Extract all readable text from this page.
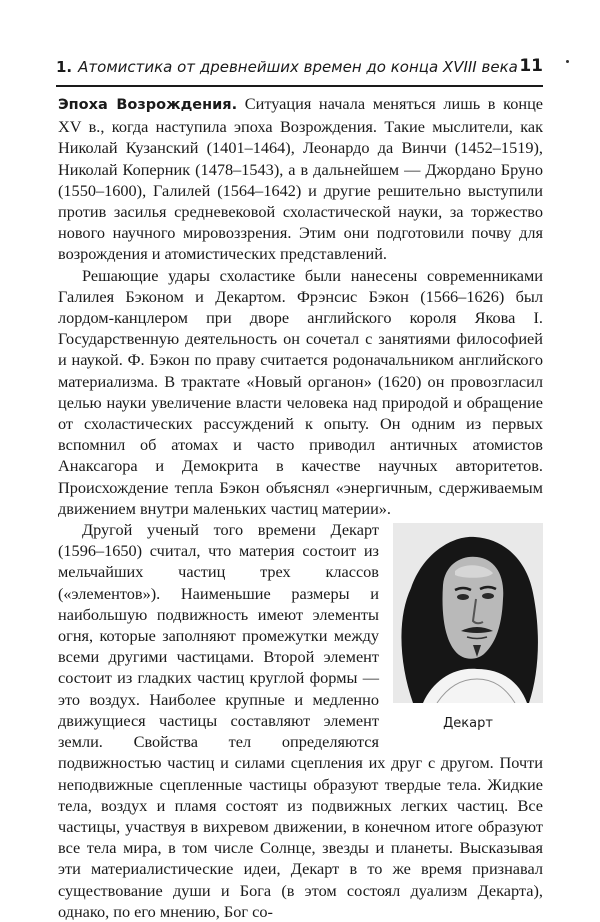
1. Атомистика от древнейших времен до конца XVIII века 11

Эпоха Возрождения. Ситуация начала меняться лишь в конце XV в., когда наступила эпоха Возрождения. Такие мыслители, как Николай Кузанский (1401–1464), Леонардо да Винчи (1452–1519), Николай Коперник (1478–1543), а в дальнейшем — Джордано Бруно (1550–1600), Галилей (1564–1642) и другие решительно выступили против засилья средневековой схоластической науки, за торжество нового научного мировоззрения. Этим они подготовили почву для возрождения и атомистических представлений.

Решающие удары схоластике были нанесены современниками Галилея Бэконом и Декартом. Фрэнсис Бэкон (1566–1626) был лордом-канцлером при дворе английского короля Якова I. Государственную деятельность он сочетал с занятиями философией и наукой. Ф. Бэкон по праву считается родоначальником английского материализма. В трактате «Новый органон» (1620) он провозгласил целью науки увеличение власти человека над природой и обращение от схоластических рассуждений к опыту. Он одним из первых вспомнил об атомах и часто приводил античных атомистов Анаксагора и Демокрита в качестве научных авторитетов. Происхождение тепла Бэкон объяснял «энергичным, сдерживаемым движением внутри маленьких частиц материи».

Декарт

Другой ученый того времени Декарт (1596–1650) считал, что материя состоит из мельчайших частиц трех классов («элементов»). Наименьшие размеры и наибольшую подвижность имеют элементы огня, которые заполняют промежутки между всеми другими частицами. Второй элемент состоит из гладких частиц круглой формы — это воздух. Наиболее крупные и медленно движущиеся частицы составляют элемент земли. Свойства тел определяются подвижностью частиц и силами сцепления их друг с другом. Почти неподвижные сцепленные частицы образуют твердые тела. Жидкие тела, воздух и пламя состоят из подвижных легких частиц. Все частицы, участвуя в вихревом движении, в конечном итоге образуют все тела мира, в том числе Солнце, звезды и планеты. Высказывая эти материалистические идеи, Декарт в то же время признавал существование души и Бога (в этом состоял дуализм Декарта), однако, по его мнению, Бог со-
